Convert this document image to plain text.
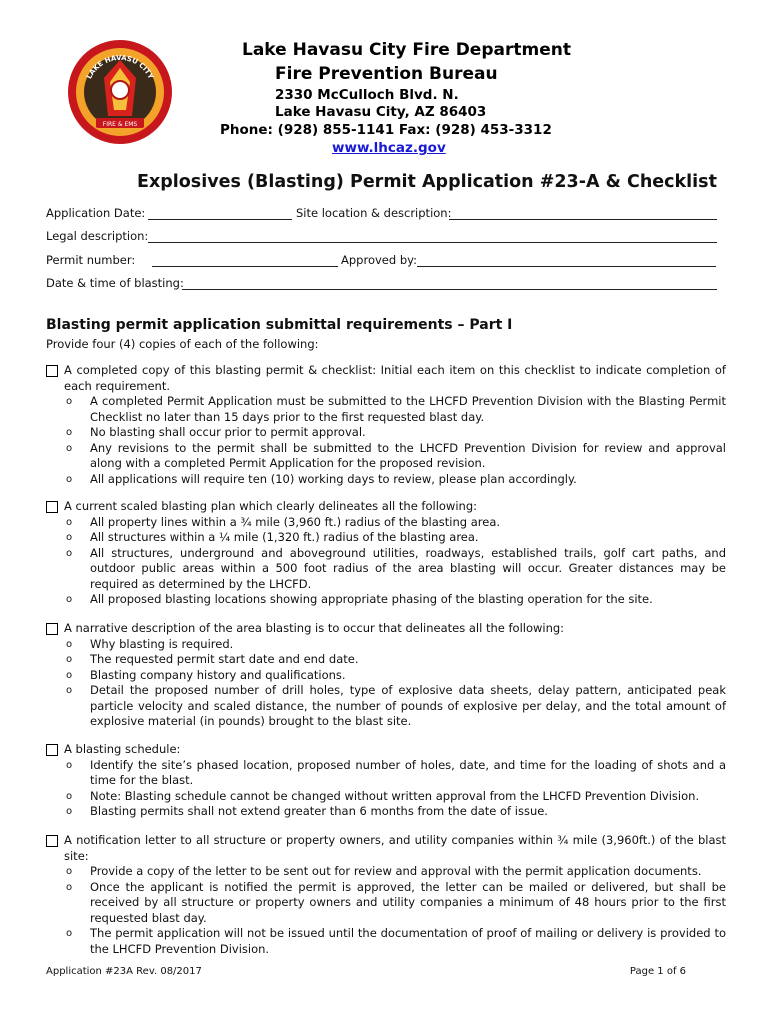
LAKE HAVASU CITY
FIRE & EMS
Lake Havasu City Fire Department
Fire Prevention Bureau
2330 McCulloch Blvd. N.
Lake Havasu City, AZ 86403
Phone: (928) 855-1141 Fax: (928) 453-3312
www.lhcaz.gov
Explosives (Blasting) Permit Application #23-A & Checklist
Application Date:	Site location & description:
Legal description:
Permit number:	Approved by:
Date & time of blasting:
Blasting permit application submittal requirements – Part I
Provide four (4) copies of each of the following:
A completed copy of this blasting permit & checklist: Initial each item on this checklist to indicate completion of each requirement.
o A completed Permit Application must be submitted to the LHCFD Prevention Division with the Blasting Permit Checklist no later than 15 days prior to the first requested blast day.
o No blasting shall occur prior to permit approval.
o Any revisions to the permit shall be submitted to the LHCFD Prevention Division for review and approval along with a completed Permit Application for the proposed revision.
o All applications will require ten (10) working days to review, please plan accordingly.
A current scaled blasting plan which clearly delineates all the following:
o All property lines within a ¾ mile (3,960 ft.) radius of the blasting area.
o All structures within a ¼ mile (1,320 ft.) radius of the blasting area.
o All structures, underground and aboveground utilities, roadways, established trails, golf cart paths, and outdoor public areas within a 500 foot radius of the area blasting will occur. Greater distances may be required as determined by the LHCFD.
o All proposed blasting locations showing appropriate phasing of the blasting operation for the site.
A narrative description of the area blasting is to occur that delineates all the following:
o Why blasting is required.
o The requested permit start date and end date.
o Blasting company history and qualifications.
o Detail the proposed number of drill holes, type of explosive data sheets, delay pattern, anticipated peak particle velocity and scaled distance, the number of pounds of explosive per delay, and the total amount of explosive material (in pounds) brought to the blast site.
A blasting schedule:
o Identify the site’s phased location, proposed number of holes, date, and time for the loading of shots and a time for the blast.
o Note: Blasting schedule cannot be changed without written approval from the LHCFD Prevention Division.
o Blasting permits shall not extend greater than 6 months from the date of issue.
A notification letter to all structure or property owners, and utility companies within ¾ mile (3,960ft.) of the blast site:
o Provide a copy of the letter to be sent out for review and approval with the permit application documents.
o Once the applicant is notified the permit is approved, the letter can be mailed or delivered, but shall be received by all structure or property owners and utility companies a minimum of 48 hours prior to the first requested blast day.
o The permit application will not be issued until the documentation of proof of mailing or delivery is provided to the LHCFD Prevention Division.
Application #23A Rev. 08/2017	Page 1 of 6
